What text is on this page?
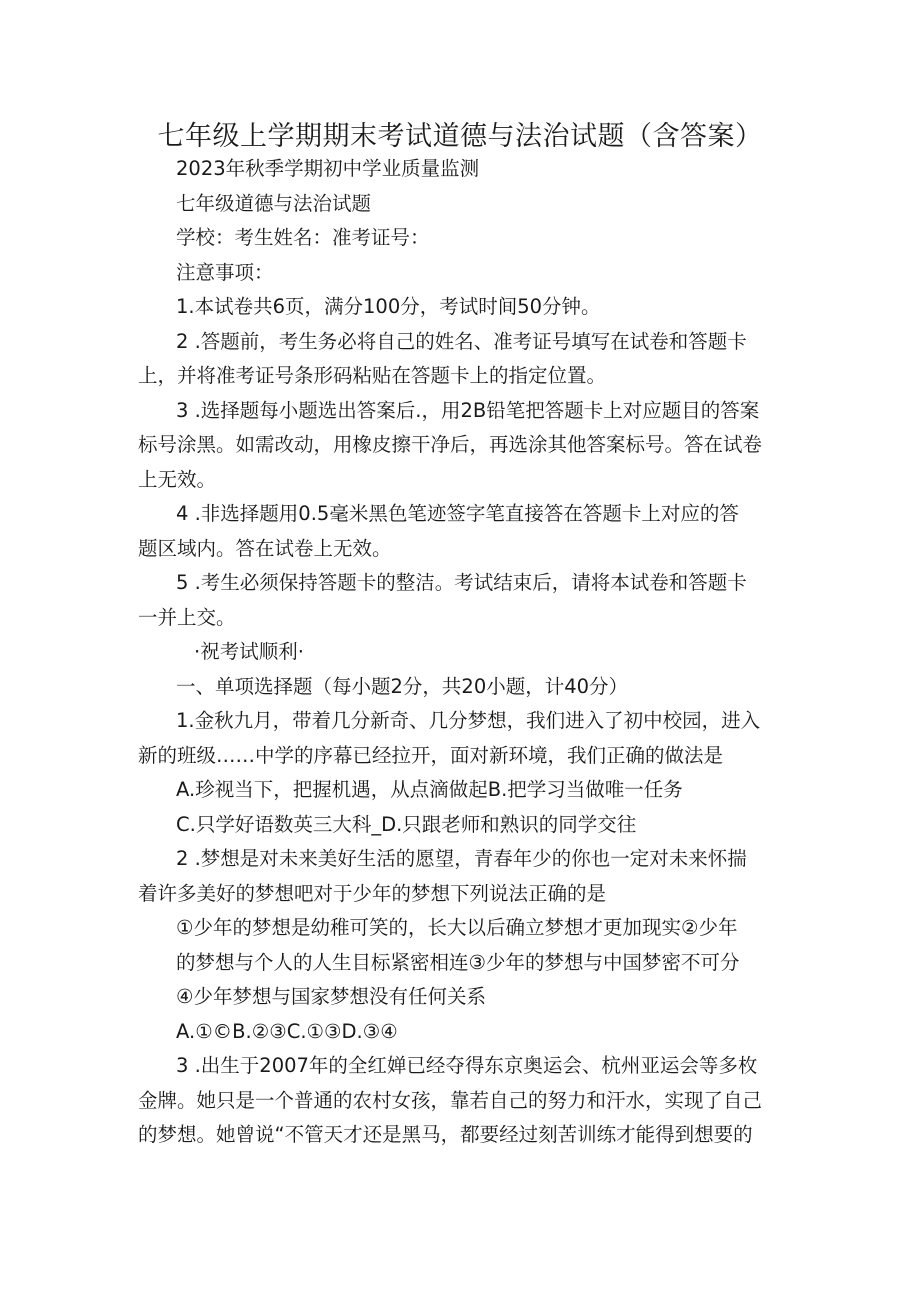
七年级上学期期末考试道德与法治试题（含答案）
2023年秋季学期初中学业质量监测
七年级道德与法治试题
学校：考生姓名：准考证号：
注意事项：
1.本试卷共6页，满分100分，考试时间50分钟。
2 .答题前，考生务必将自己的姓名、准考证号填写在试卷和答题卡
上，并将准考证号条形码粘贴在答题卡上的指定位置。
3 .选择题每小题选出答案后.，用2B铅笔把答题卡上对应题目的答案
标号涂黑。如需改动，用橡皮擦干净后，再选涂其他答案标号。答在试卷
上无效。
4 .非选择题用0.5毫米黑色笔迹签字笔直接答在答题卡上对应的答
题区域内。答在试卷上无效。
5 .考生必须保持答题卡的整洁。考试结束后，请将本试卷和答题卡
一并上交。
·祝考试顺利·
一、单项选择题（每小题2分，共20小题，计40分）
1.金秋九月，带着几分新奇、几分梦想，我们进入了初中校园，进入
新的班级……中学的序幕已经拉开，面对新环境，我们正确的做法是
A.珍视当下，把握机遇，从点滴做起B.把学习当做唯一任务
C.只学好语数英三大科_D.只跟老师和熟识的同学交往
2 .梦想是对未来美好生活的愿望，青春年少的你也一定对未来怀揣
着许多美好的梦想吧对于少年的梦想下列说法正确的是
①少年的梦想是幼稚可笑的，长大以后确立梦想才更加现实②少年
的梦想与个人的人生目标紧密相连③少年的梦想与中国梦密不可分
④少年梦想与国家梦想没有任何关系
A.①©B.②③C.①③D.③④
3 .出生于2007年的全红婵已经夺得东京奥运会、杭州亚运会等多枚
金牌。她只是一个普通的农村女孩，靠若自己的努力和汗水，实现了自己
的梦想。她曾说“不管天才还是黑马，都要经过刻苦训练才能得到想要的
